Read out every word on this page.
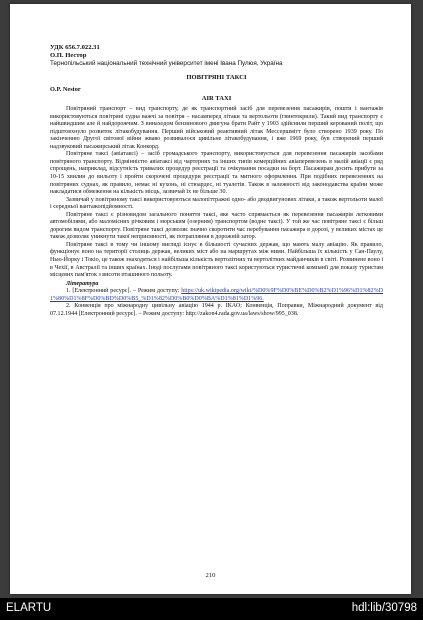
УДК 656.7.022.31
О.П. Нестор
Тернопільський національний технічний університет імені Івана Пулюя, Україна
ПОВІТРЯНІ ТАКСІ
O.P. Nestor
AIR TAXI

Повітряний транспорт – вид транспорту, де як транспортний засіб для перевезення пасажирів, пошти і вантажів використовуються повітряні судна важчі за повітря – насамперед літаки та вертольоти (гвинтокрили). Такий вид транспорту є найшвидшим але й найдорожчим. З винаходом бензинового двигуна брати Райт у 1903 здійснили перший керований політ, що підштовхнуло розвиток літакобудування. Перший військовий реактивний літак Мессершмітт було створено 1939 року. По закінченню Другої світової війни жваво розвивалося цивільне літакобудування, і вже 1969 року, був створений перший надзвуковий пасажирський літак Конкорд.

Повітряне таксі (авіатаксі) – засіб громадського транспорту, використовується для перевезення пасажирів засобами повітряного транспорту. Відмінністю авіатаксі від чартерних та інших типів комерційних авіаперевезень в малій авіації є ряд спрощень, наприклад, відсутність тривалих процедур реєстрації та очікування посадки на борт. Пасажирам досить прибути за 10-15 хвилин до вильоту і пройти скорочені процедури реєстрації та митного оформлення. При подібних перевезеннях на повітряних суднах, як правило, немає ні кухонь, ні стюардес, ні туалетів. Також в залежності від законодавства країни може накладатися обмеження на кількість місць, зазвичай їх не більше 30.

Зазвичай у повітряному таксі використовуються малопіттражні одно- або дводвигунових літаки, а також вертольоти малої і середньої вантажопідйомності.

Повітряне таксі є різновидом загального поняття таксі, яке часто спрямається як перевезення пасажирів легковими автомобілями, або маломісних річковим і морським (озерним) транспортом (водне таксі). У той же час повітряне таксі є більш дорогим видом транспорту. Повітряне таксі дозволяє значно скоротити час перебування пасажира в дорозі, у великих містах це також дозволяє уникнути такої неприємності, як потрапляння в дорожній затор.

Повітряне таксі в тому чи іншому вигляді існує в більшості сучасних держав, що мають малу авіацію. Як правило, функціонує воно на території столиць держав, великих міст або на маршрутах між ними. Найбільша їх кількість у Сан-Паулу, Нью-Йорку і Токіо, це також знаходяться і найбільша кількість вертолітних та вертолітних майданчиків в світі. Розвинене воно і в Чехії, в Австралії та інших країнах. Іноді послугами повітряного таксі користуються туристичні компанії для показу туристам місцевих пам'яток з висоти пташиного польоту.

Література
1. [Електронний ресурс]. – Режим доступу: https://uk.wikipedia.org/wiki/%D0%9F%D0%BE%D0%B2%D1%96%D1%82%D1%80%D1%8F%D0%BD%D0%B5_%D1%82%D0%B0%D0%BA%D1%81%D1%96.
2. Конвенція про міжнародну цивільну авіацію 1944 р. ІКАО; Конвенція, Поправки, Міжнародний документ від 07.12.1944 [Електронний ресурс]. – Режим доступу: http://zakon4.rada.gov.ua/laws/show/995_038.
210
ELARTU	hdl:lib/30798
